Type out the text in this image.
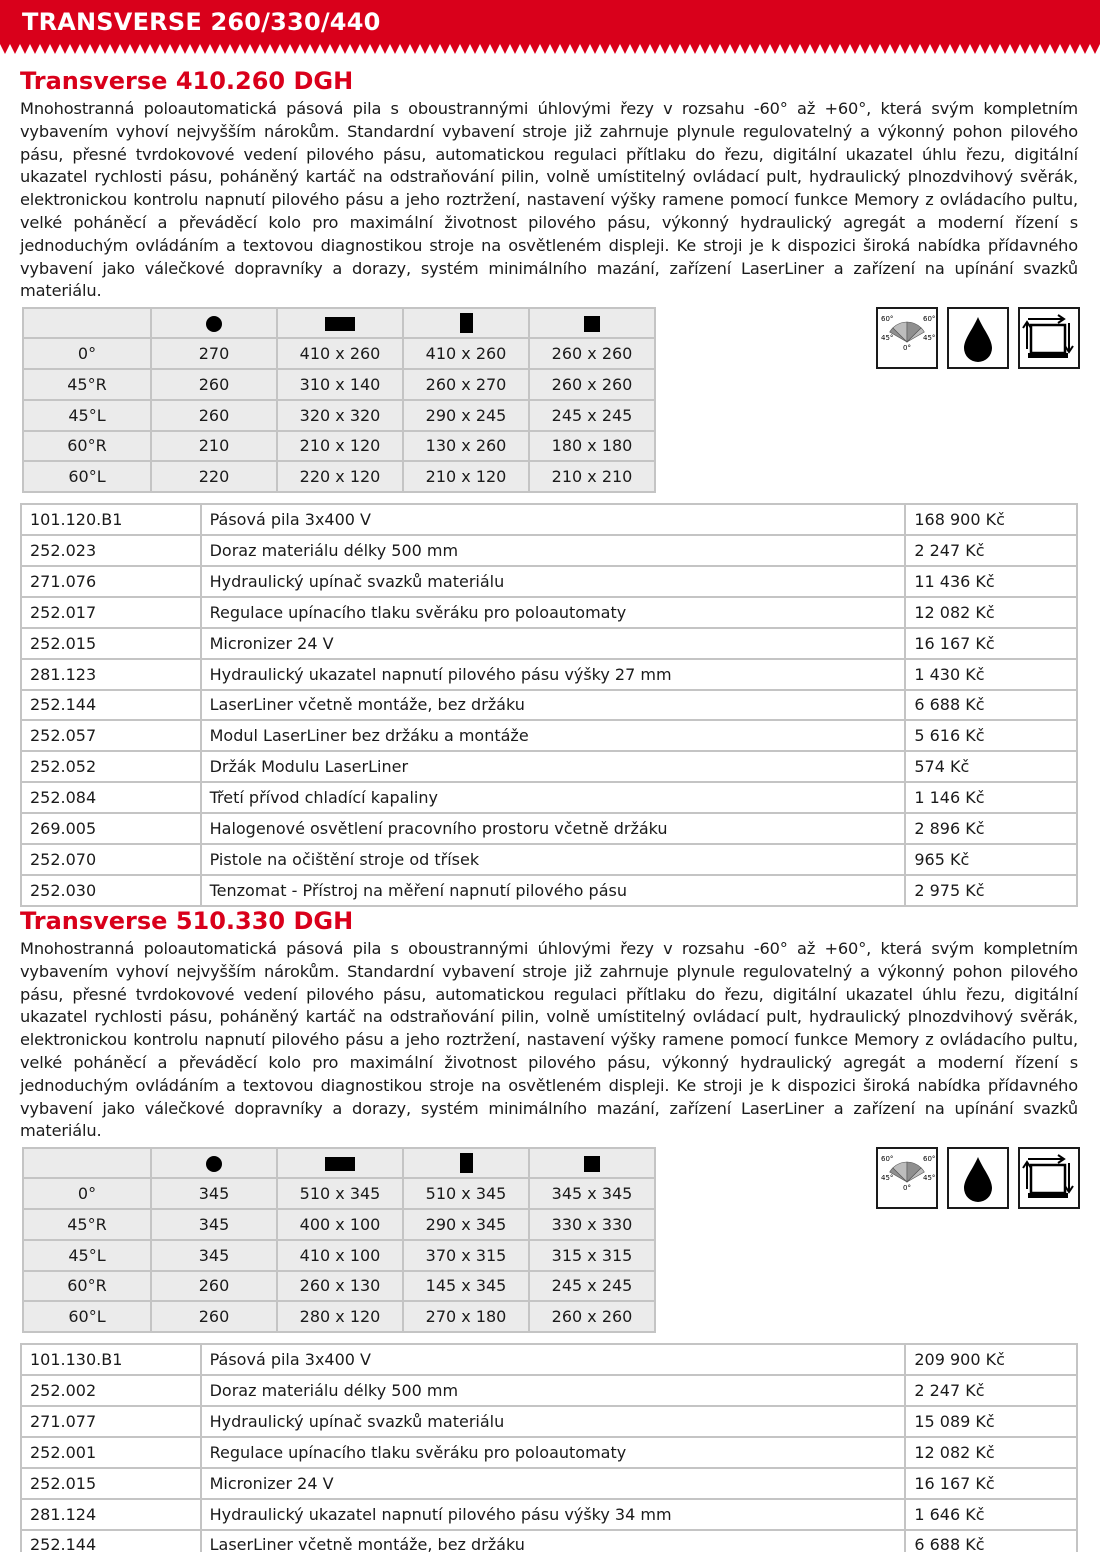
TRANSVERSE 260/330/440
Transverse 410.260 DGH

Mnohostranná poloautomatická pásová pila s oboustrannými úhlovými řezy v rozsahu -60° až +60°, která svým kompletním vybavením vyhoví nejvyšším nárokům. Standardní vybavení stroje již zahrnuje plynule regulovatelný a výkonný pohon pilového pásu, přesné tvrdokovové vedení pilového pásu, automatickou regulaci přítlaku do řezu, digitální ukazatel úhlu řezu, digitální ukazatel rychlosti pásu, poháněný kartáč na odstraňování pilin, volně umístitelný ovládací pult, hydraulický plnozdvihový svěrák, elektronickou kontrolu napnutí pilového pásu a jeho roztržení, nastavení výšky ramene pomocí funkce Memory z ovládacího pultu, velké poháněcí a převáděcí kolo pro maximální životnost pilového pásu, výkonný hydraulický agregát a moderní řízení s jednoduchým ovládáním a textovou diagnostikou stroje na osvětleném displeji. Ke stroji je k dispozici široká nabídka přídavného vybavení jako válečkové dopravníky a dorazy, systém minimálního mazání, zařízení LaserLiner a zařízení na upínání svazků materiálu.

0°	270	410 x 260	410 x 260	260 x 260
45°R	260	310 x 140	260 x 270	260 x 260
45°L	260	320 x 320	290 x 245	245 x 245
60°R	210	210 x 120	130 x 260	180 x 180
60°L	220	220 x 120	210 x 120	210 x 210
60°	60°
45°	45°
0°
101.120.B1	Pásová pila 3x400 V	168 900 Kč
252.023	Doraz materiálu délky 500 mm	2 247 Kč
271.076	Hydraulický upínač svazků materiálu	11 436 Kč
252.017	Regulace upínacího tlaku svěráku pro poloautomaty	12 082 Kč
252.015	Micronizer 24 V	16 167 Kč
281.123	Hydraulický ukazatel napnutí pilového pásu výšky 27 mm	1 430 Kč
252.144	LaserLiner včetně montáže, bez držáku	6 688 Kč
252.057	Modul LaserLiner bez držáku a montáže	5 616 Kč
252.052	Držák Modulu LaserLiner	574 Kč
252.084	Třetí přívod chladící kapaliny	1 146 Kč
269.005	Halogenové osvětlení pracovního prostoru včetně držáku	2 896 Kč
252.070	Pistole na očištění stroje od třísek	965 Kč
252.030	Tenzomat - Přístroj na měření napnutí pilového pásu	2 975 Kč
Transverse 510.330 DGH

Mnohostranná poloautomatická pásová pila s oboustrannými úhlovými řezy v rozsahu -60° až +60°, která svým kompletním vybavením vyhoví nejvyšším nárokům. Standardní vybavení stroje již zahrnuje plynule regulovatelný a výkonný pohon pilového pásu, přesné tvrdokovové vedení pilového pásu, automatickou regulaci přítlaku do řezu, digitální ukazatel úhlu řezu, digitální ukazatel rychlosti pásu, poháněný kartáč na odstraňování pilin, volně umístitelný ovládací pult, hydraulický plnozdvihový svěrák, elektronickou kontrolu napnutí pilového pásu a jeho roztržení, nastavení výšky ramene pomocí funkce Memory z ovládacího pultu, velké poháněcí a převáděcí kolo pro maximální životnost pilového pásu, výkonný hydraulický agregát a moderní řízení s jednoduchým ovládáním a textovou diagnostikou stroje na osvětleném displeji. Ke stroji je k dispozici široká nabídka přídavného vybavení jako válečkové dopravníky a dorazy, systém minimálního mazání, zařízení LaserLiner a zařízení na upínání svazků materiálu.

0°	345	510 x 345	510 x 345	345 x 345
45°R	345	400 x 100	290 x 345	330 x 330
45°L	345	410 x 100	370 x 315	315 x 315
60°R	260	260 x 130	145 x 345	245 x 245
60°L	260	280 x 120	270 x 180	260 x 260
60°	60°
45°	45°
0°
101.130.B1	Pásová pila 3x400 V	209 900 Kč
252.002	Doraz materiálu délky 500 mm	2 247 Kč
271.077	Hydraulický upínač svazků materiálu	15 089 Kč
252.001	Regulace upínacího tlaku svěráku pro poloautomaty	12 082 Kč
252.015	Micronizer 24 V	16 167 Kč
281.124	Hydraulický ukazatel napnutí pilového pásu výšky 34 mm	1 646 Kč
252.144	LaserLiner včetně montáže, bez držáku	6 688 Kč
